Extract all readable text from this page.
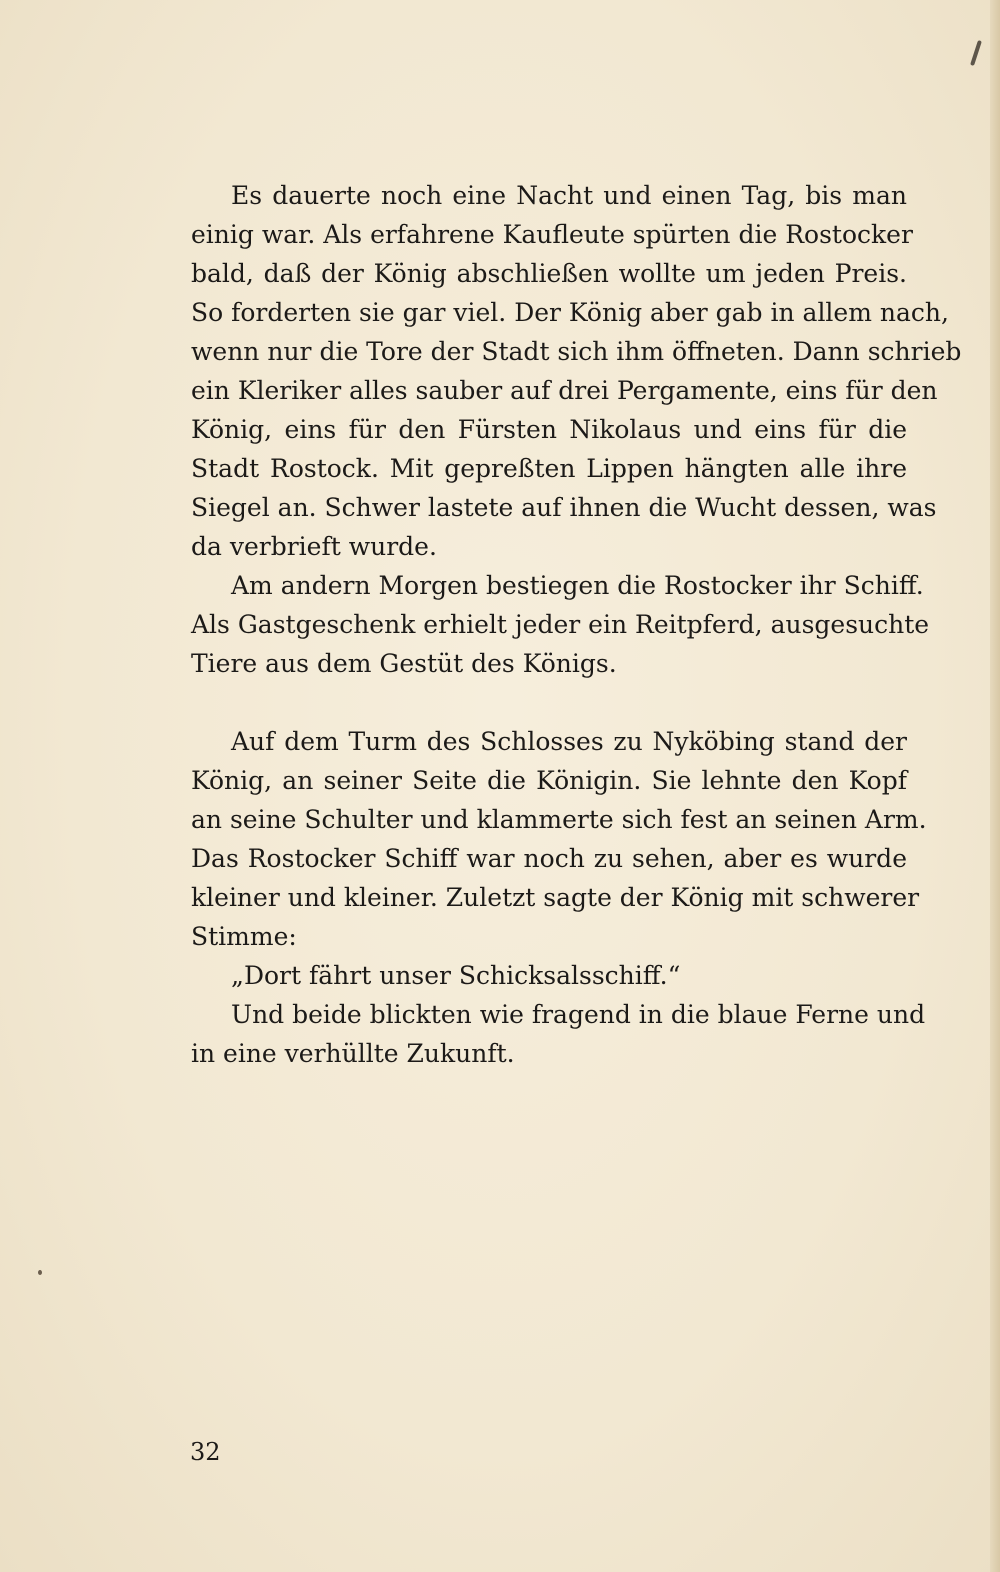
Es dauerte noch eine Nacht und einen Tag, bis man
einig war. Als erfahrene Kaufleute spürten die Rostocker
bald, daß der König abschließen wollte um jeden Preis.
So forderten sie gar viel. Der König aber gab in allem nach,
wenn nur die Tore der Stadt sich ihm öffneten. Dann schrieb
ein Kleriker alles sauber auf drei Pergamente, eins für den
König, eins für den Fürsten Nikolaus und eins für die
Stadt Rostock. Mit gepreßten Lippen hängten alle ihre
Siegel an. Schwer lastete auf ihnen die Wucht dessen, was
da verbrieft wurde.

Am andern Morgen bestiegen die Rostocker ihr Schiff.
Als Gastgeschenk erhielt jeder ein Reitpferd, ausgesuchte
Tiere aus dem Gestüt des Königs.

Auf dem Turm des Schlosses zu Nyköbing stand der
König, an seiner Seite die Königin. Sie lehnte den Kopf
an seine Schulter und klammerte sich fest an seinen Arm.
Das Rostocker Schiff war noch zu sehen, aber es wurde
kleiner und kleiner. Zuletzt sagte der König mit schwerer
Stimme:

„Dort fährt unser Schicksalsschiff.“

Und beide blickten wie fragend in die blaue Ferne und
in eine verhüllte Zukunft.

32
